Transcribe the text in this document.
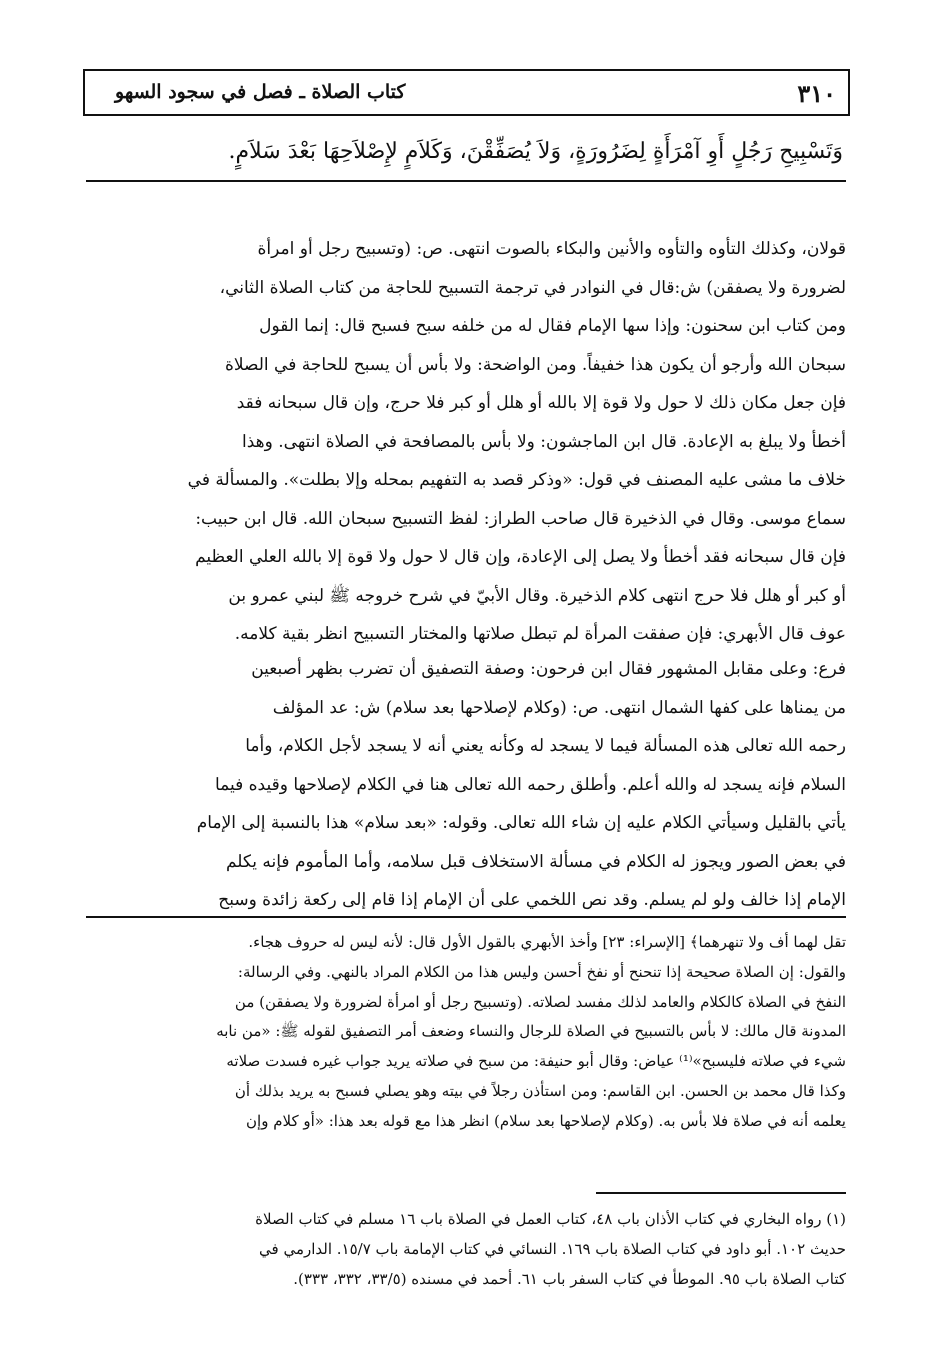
٣١٠
كتاب الصلاة ـ فصل في سجود السهو
وَتَسْبِيحِ رَجُلٍ أَوِ آمْرَأَةٍ لِضَرُورَةٍ، وَلاَ يُصَفِّقْنَ، وَكَلاَمٍ لإِصْلاَحِهَا بَعْدَ سَلاَمٍ.
قولان، وكذلك التأوه والتأوه والأنين والبكاء بالصوت انتهى. ص: (وتسبيح رجل أو امرأة
لضرورة ولا يصفقن) ش:قال في النوادر في ترجمة التسبيح للحاجة من كتاب الصلاة الثاني،
ومن كتاب ابن سحنون: وإذا سها الإمام فقال له من خلفه سبح فسبح قال: إنما القول
سبحان الله وأرجو أن يكون هذا خفيفاً. ومن الواضحة: ولا بأس أن يسبح للحاجة في الصلاة
فإن جعل مكان ذلك لا حول ولا قوة إلا بالله أو هلل أو كبر فلا حرج، وإن قال سبحانه فقد
أخطأ ولا يبلغ به الإعادة. قال ابن الماجشون: ولا بأس بالمصافحة في الصلاة انتهى. وهذا
خلاف ما مشى عليه المصنف في قول: «وذكر قصد به التفهيم بمحله وإلا بطلت». والمسألة في
سماع موسى. وقال في الذخيرة قال صاحب الطراز: لفظ التسبيح سبحان الله. قال ابن حبيب:
فإن قال سبحانه فقد أخطأ ولا يصل إلى الإعادة، وإن قال لا حول ولا قوة إلا بالله العلي العظيم
أو كبر أو هلل فلا حرج انتهى كلام الذخيرة. وقال الأبيّ في شرح خروجه ﷺ لبني عمرو بن
عوف قال الأبهري: فإن صفقت المرأة لم تبطل صلاتها والمختار التسبيح انظر بقية كلامه.
فرع: وعلى مقابل المشهور فقال ابن فرحون: وصفة التصفيق أن تضرب بظهر أصبعين
من يمناها على كفها الشمال انتهى. ص: (وكلام لإصلاحها بعد سلام) ش: عد المؤلف
رحمه الله تعالى هذه المسألة فيما لا يسجد له وكأنه يعني أنه لا يسجد لأجل الكلام، وأما
السلام فإنه يسجد له والله أعلم. وأطلق رحمه الله تعالى هنا في الكلام لإصلاحها وقيده فيما
يأتي بالقليل وسيأتي الكلام عليه إن شاء الله تعالى. وقوله: «بعد سلام» هذا بالنسبة إلى الإمام
في بعض الصور ويجوز له الكلام في مسألة الاستخلاف قبل سلامه، وأما المأموم فإنه يكلم
الإمام إذا خالف ولو لم يسلم. وقد نص اللخمي على أن الإمام إذا قام إلى ركعة زائدة وسبح
تقل لهما أف ولا تنهرهما﴾ [الإسراء: ٢٣] وأخذ الأبهري بالقول الأول قال: لأنه ليس له حروف هجاء.
والقول: إن الصلاة صحيحة إذا تنحنح أو نفخ أحسن وليس هذا من الكلام المراد بالنهي. وفي الرسالة:
النفخ في الصلاة كالكلام والعامد لذلك مفسد لصلاته. (وتسبيح رجل أو امرأة لضرورة ولا يصفقن) من
المدونة قال مالك: لا بأس بالتسبيح في الصلاة للرجال والنساء وضعف أمر التصفيق لقوله ﷺ: «من نابه
شيء في صلاته فليسبح»⁽¹⁾ عياض: وقال أبو حنيفة: من سبح في صلاته يريد جواب غيره فسدت صلاته
وكذا قال محمد بن الحسن. ابن القاسم: ومن استأذن رجلاً في بيته وهو يصلي فسبح به يريد بذلك أن
يعلمه أنه في صلاة فلا بأس به. (وكلام لإصلاحها بعد سلام) انظر هذا مع قوله بعد هذا: «أو كلام وإن
(١) رواه البخاري في كتاب الأذان باب ٤٨، كتاب العمل في الصلاة باب ١٦ مسلم في كتاب الصلاة
حديث ١٠٢. أبو داود في كتاب الصلاة باب ١٦٩. النسائي في كتاب الإمامة باب ١٥/٧. الدارمي في
كتاب الصلاة باب ٩٥. الموطأ في كتاب السفر باب ٦١. أحمد في مسنده (٣٣/٥، ٣٣٢، ٣٣٣).
